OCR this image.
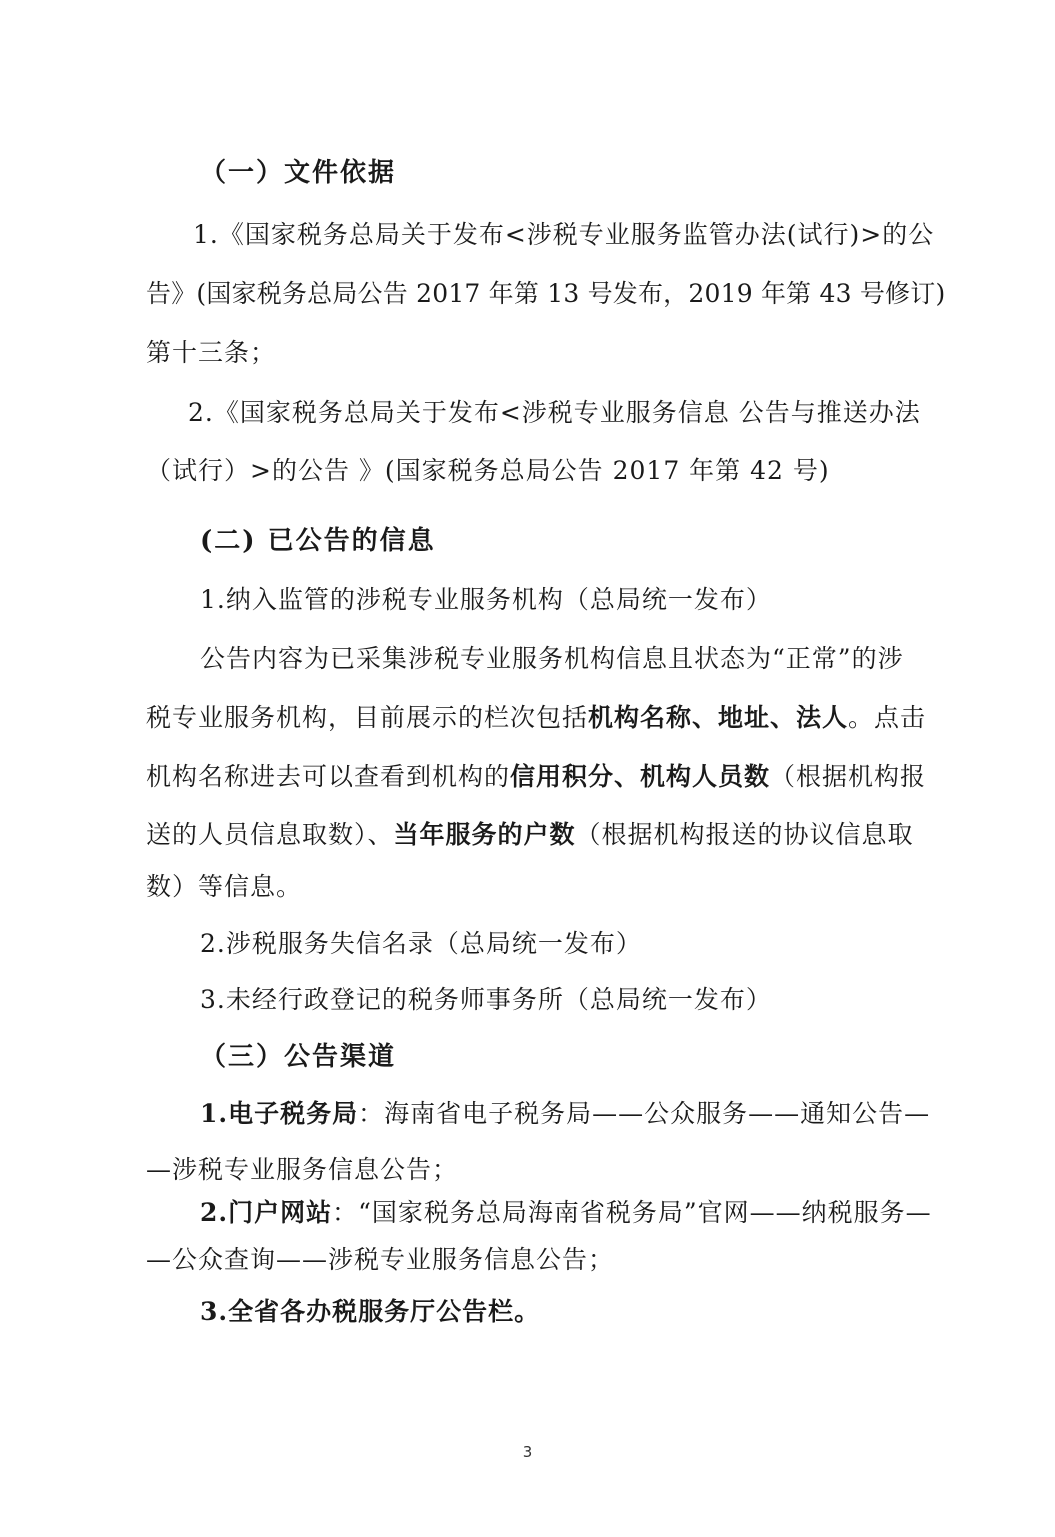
（一）文件依据
1.《国家税务总局关于发布<涉税专业服务监管办法(试行)>的公
告》(国家税务总局公告 2017 年第 13 号发布，2019 年第 43 号修订)
第十三条；
2.《国家税务总局关于发布<涉税专业服务信息 公告与推送办法
（试行）>的公告 》(国家税务总局公告 2017 年第 42 号)
(二) 已公告的信息
1.纳入监管的涉税专业服务机构（总局统一发布）
公告内容为已采集涉税专业服务机构信息且状态为“正常”的涉
税专业服务机构，目前展示的栏次包括机构名称、地址、法人。点击
机构名称进去可以查看到机构的信用积分、机构人员数（根据机构报
送的人员信息取数）、当年服务的户数（根据机构报送的协议信息取
数）等信息。
2.涉税服务失信名录（总局统一发布）
3.未经行政登记的税务师事务所（总局统一发布）
（三）公告渠道
1.电子税务局：海南省电子税务局——公众服务——通知公告—
—涉税专业服务信息公告；
2.门户网站：“国家税务总局海南省税务局”官网——纳税服务—
—公众查询——涉税专业服务信息公告；
3.全省各办税服务厅公告栏。
3
